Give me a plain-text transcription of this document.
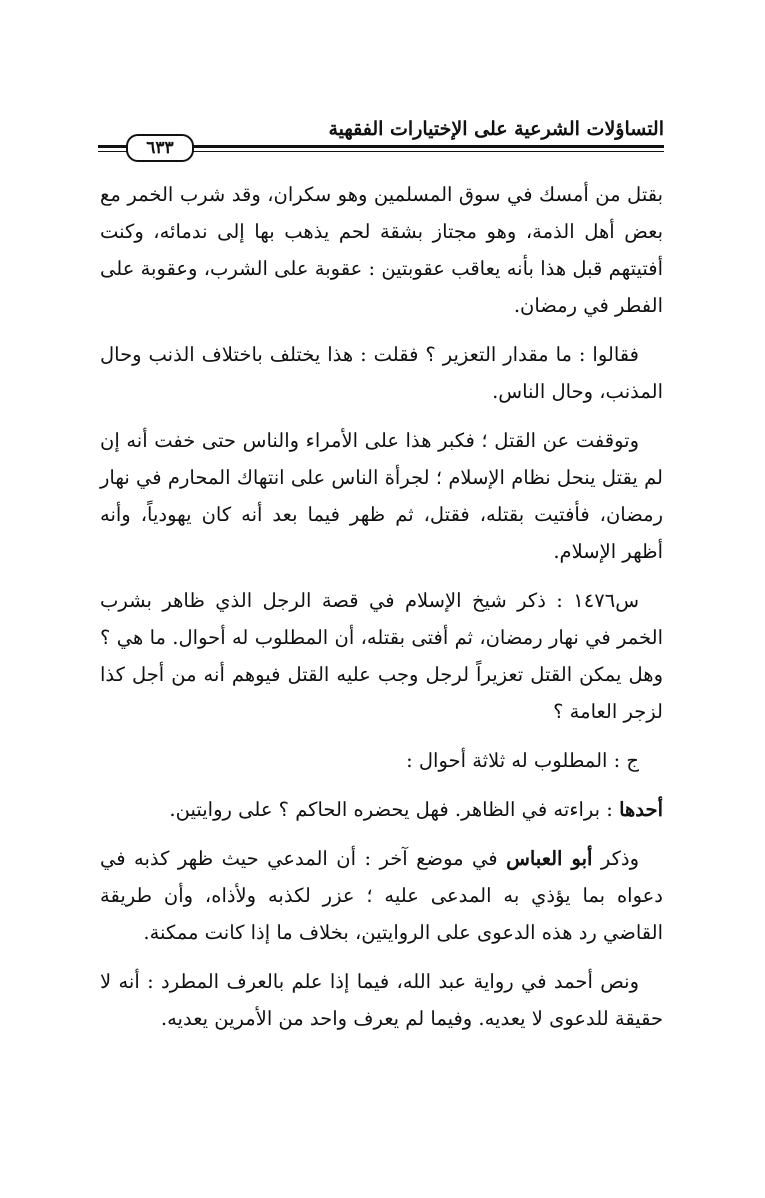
التساؤلات الشرعية على الإختيارات الفقهية
٦٣٣

بقتل من أمسك في سوق المسلمين وهو سكران، وقد شرب الخمر مع بعض أهل الذمة، وهو مجتاز بشقة لحم يذهب بها إلى ندمائه، وكنت أفتيتهم قبل هذا بأنه يعاقب عقوبتين : عقوبة على الشرب، وعقوبة على الفطر في رمضان.

فقالوا : ما مقدار التعزير ؟ فقلت : هذا يختلف باختلاف الذنب وحال المذنب، وحال الناس.

وتوقفت عن القتل ؛ فكبر هذا على الأمراء والناس حتى خفت أنه إن لم يقتل ينحل نظام الإسلام ؛ لجرأة الناس على انتهاك المحارم في نهار رمضان، فأفتيت بقتله، فقتل، ثم ظهر فيما بعد أنه كان يهودياً، وأنه أظهر الإسلام.

س١٤٧٦ : ذكر شيخ الإسلام في قصة الرجل الذي ظاهر بشرب الخمر في نهار رمضان، ثم أفتى بقتله، أن المطلوب له أحوال. ما هي ؟ وهل يمكن القتل تعزيراً لرجل وجب عليه القتل فيوهم أنه من أجل كذا لزجر العامة ؟

ج : المطلوب له ثلاثة أحوال :

أحدها : براءته في الظاهر. فهل يحضره الحاكم ؟ على روايتين.

وذكر أبو العباس في موضع آخر : أن المدعي حيث ظهر كذبه في دعواه بما يؤذي به المدعى عليه ؛ عزر لكذبه ولأذاه، وأن طريقة القاضي رد هذه الدعوى على الروايتين، بخلاف ما إذا كانت ممكنة.

ونص أحمد في رواية عبد الله، فيما إذا علم بالعرف المطرد : أنه لا حقيقة للدعوى لا يعديه. وفيما لم يعرف واحد من الأمرين يعديه.
